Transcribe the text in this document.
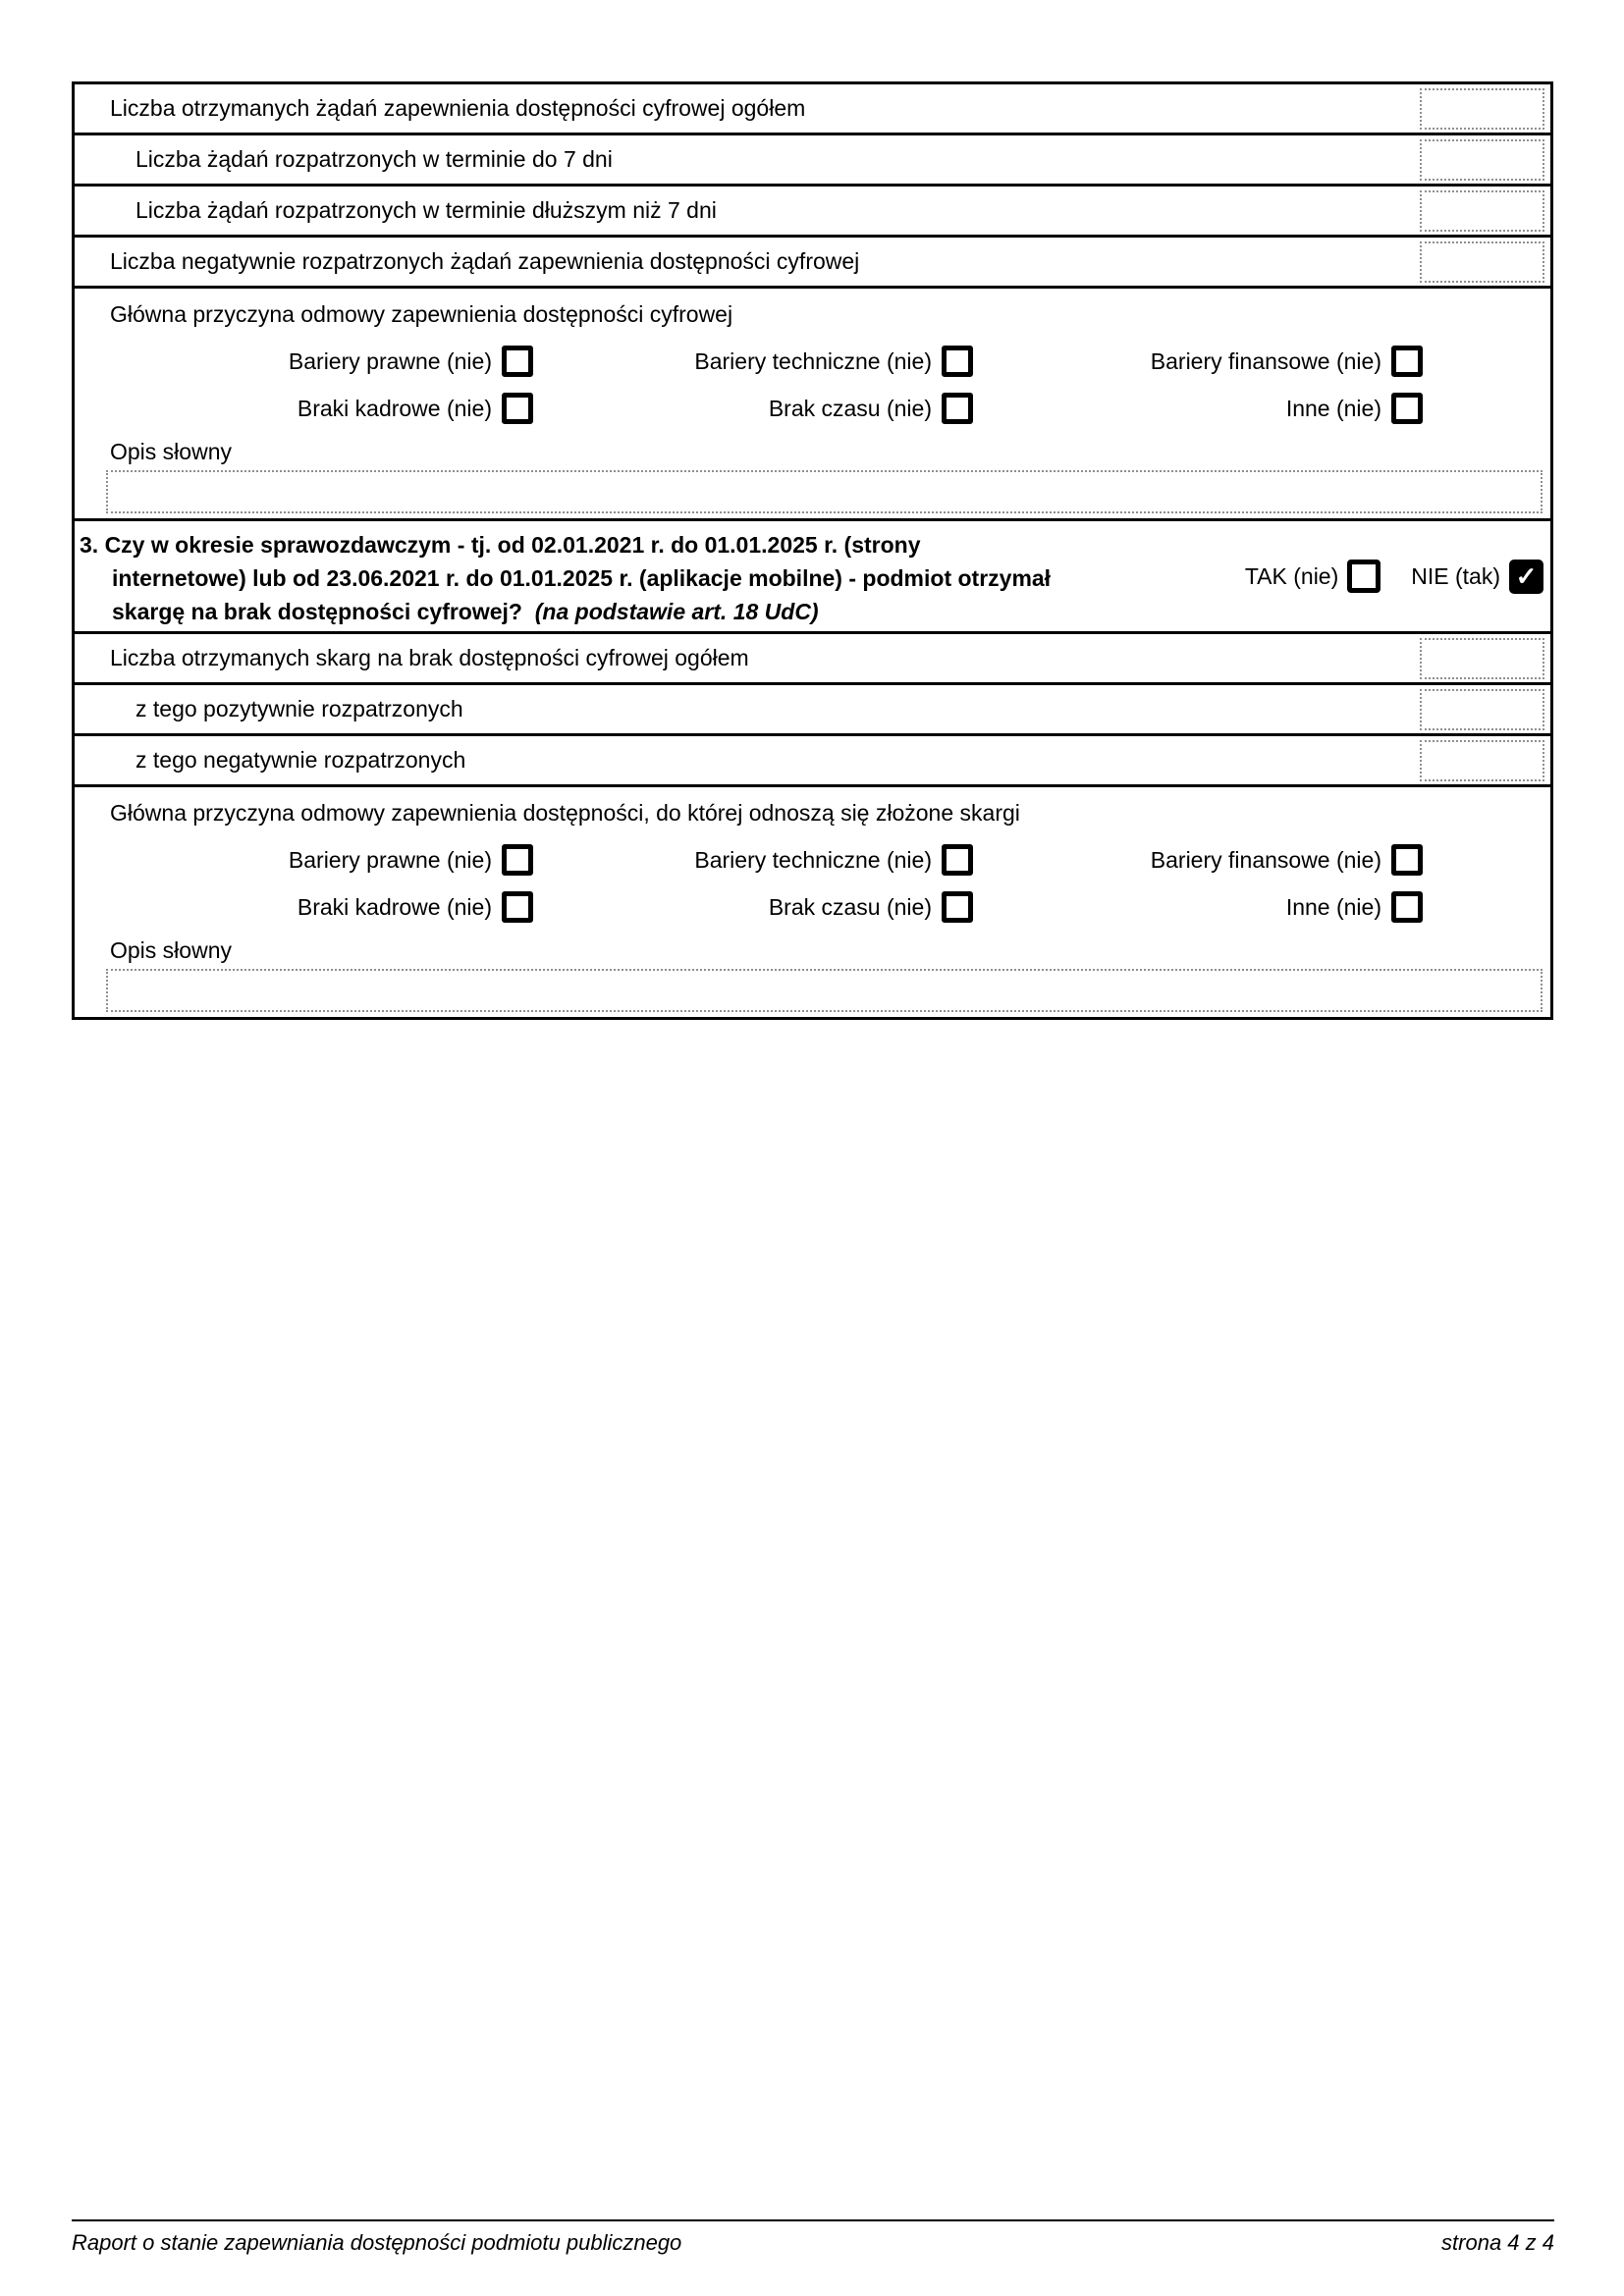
Liczba otrzymanych żądań zapewnienia dostępności cyfrowej ogółem
Liczba żądań rozpatrzonych w terminie do 7 dni
Liczba żądań rozpatrzonych w terminie dłuższym niż 7 dni
Liczba negatywnie rozpatrzonych żądań zapewnienia dostępności cyfrowej
Główna przyczyna odmowy zapewnienia dostępności cyfrowej
Bariery prawne (nie)	Bariery techniczne (nie)	Bariery finansowe (nie)
Braki kadrowe (nie)	Brak czasu (nie)	Inne (nie)
Opis słowny
3. Czy w okresie sprawozdawczym - tj. od 02.01.2021 r. do 01.01.2025 r. (strony
internetowe) lub od 23.06.2021 r. do 01.01.2025 r. (aplikacje mobilne) - podmiot otrzymał
skargę na brak dostępności cyfrowej? (na podstawie art. 18 UdC)
TAK (nie)	NIE (tak) ✓
Liczba otrzymanych skarg na brak dostępności cyfrowej ogółem
z tego pozytywnie rozpatrzonych
z tego negatywnie rozpatrzonych
Główna przyczyna odmowy zapewnienia dostępności, do której odnoszą się złożone skargi
Bariery prawne (nie)	Bariery techniczne (nie)	Bariery finansowe (nie)
Braki kadrowe (nie)	Brak czasu (nie)	Inne (nie)
Opis słowny
Raport o stanie zapewniania dostępności podmiotu publicznego	strona 4 z 4
